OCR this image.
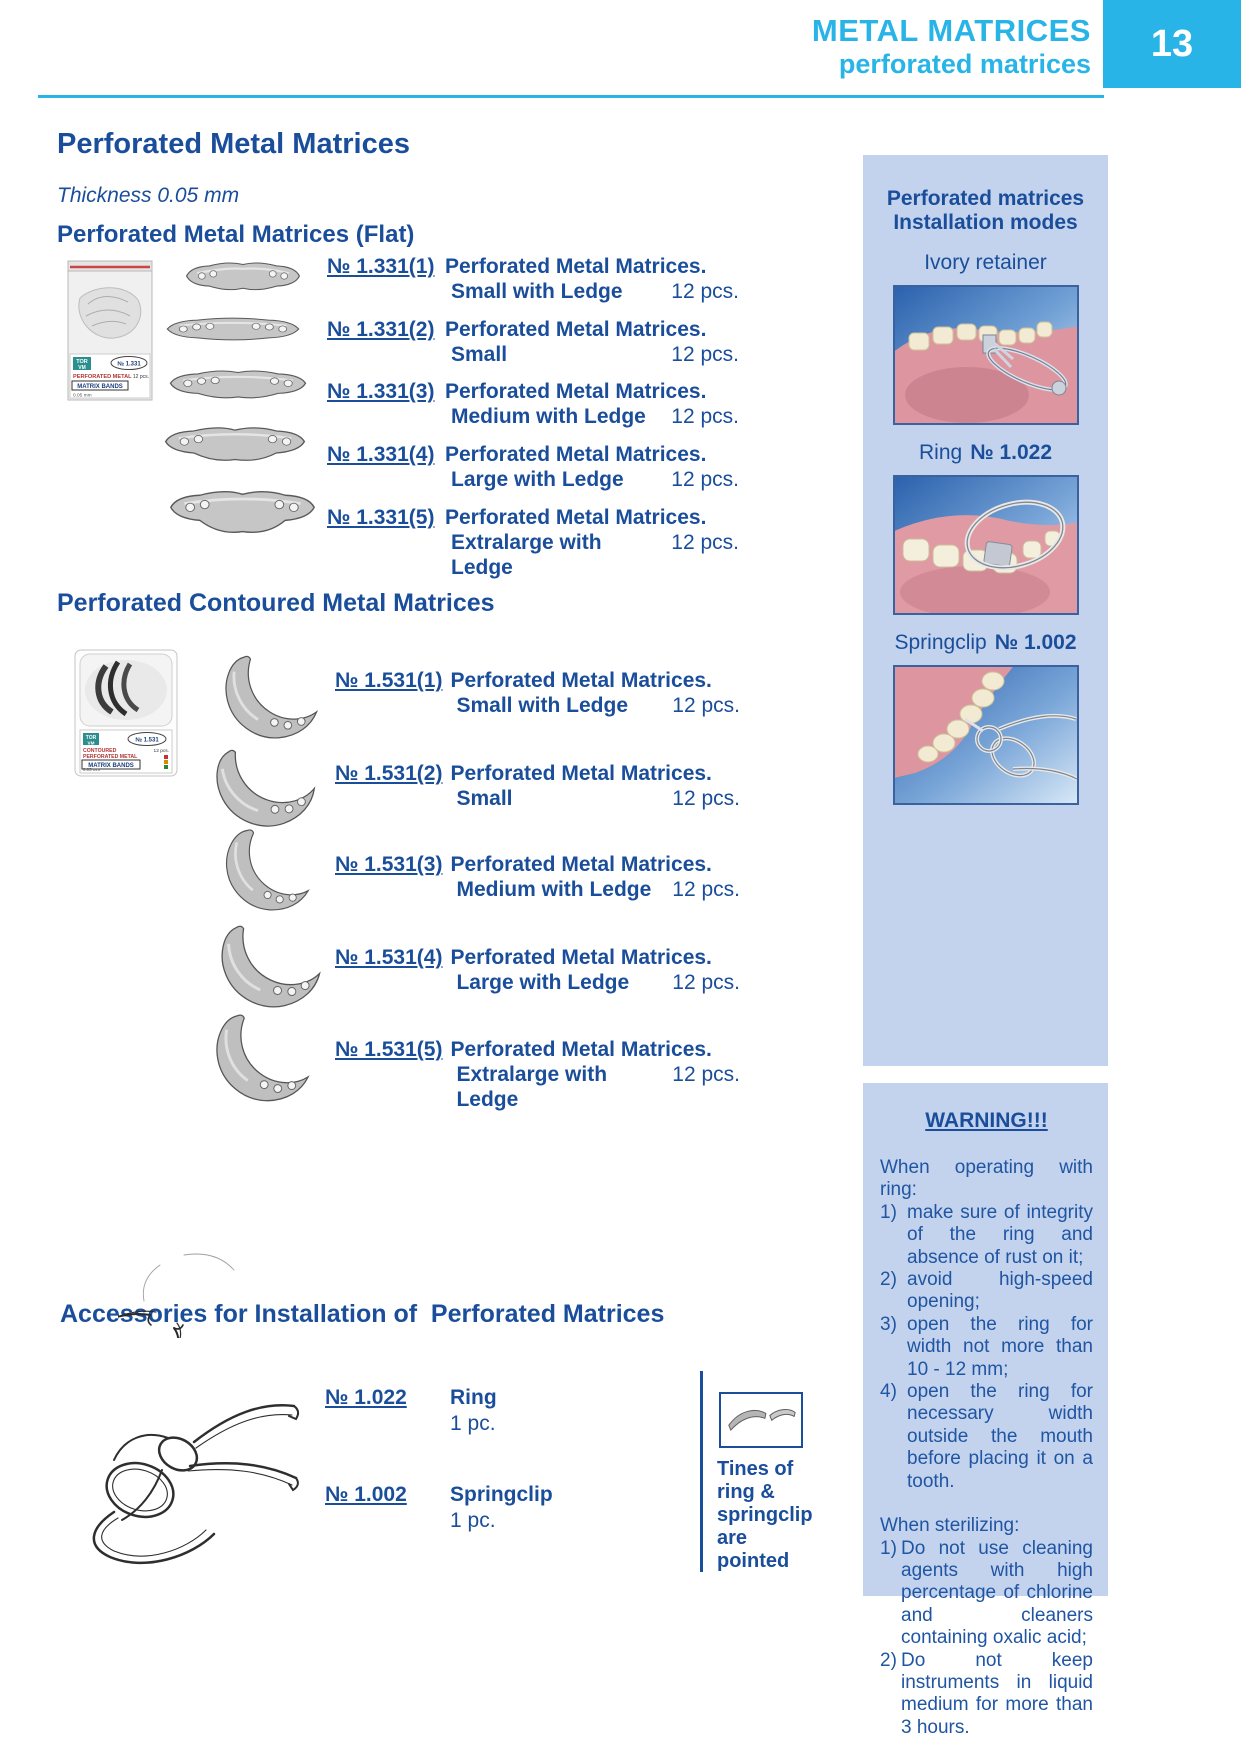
METAL MATRICES
perforated matrices 13
Perforated Metal Matrices
Thickness 0.05 mm
Perforated Metal Matrices (Flat)
TOR
VM
№ 1.331
PERFORATED METAL 12 pcs.
MATRIX BANDS
0.05 mm
№ 1.331(1) Perforated Metal Matrices.
Small with Ledge	12 pcs.
№ 1.331(2) Perforated Metal Matrices.
Small	12 pcs.
№ 1.331(3) Perforated Metal Matrices.
Medium with Ledge	12 pcs.
№ 1.331(4) Perforated Metal Matrices.
Large with Ledge	12 pcs.
№ 1.331(5) Perforated Metal Matrices.
Extralarge with Ledge
12 pcs.
Perforated Contoured Metal Matrices
TOR
VM	№ 1.531
CONTOURED
PERFORATED METAL
12 pcs.
MATRIX BANDS
0.05 mm
№ 1.531(1) Perforated Metal Matrices.
Small with Ledge	12 pcs.
№ 1.531(2) Perforated Metal Matrices.
Small	12 pcs.
№ 1.531(3) Perforated Metal Matrices.
Medium with Ledge 12 pcs.
№ 1.531(4) Perforated Metal Matrices.
Large with Ledge	12 pcs.
№ 1.531(5) Perforated Metal Matrices.
Extralarge with Ledge
12 pcs.
Accessories for Installation of  Perforated Matrices
№ 1.022	Ring
1 pc.
№ 1.002	Springclip
1 pc.
Tines of ring & springclip are pointed
Perforated matrices
Installation modes
Ivory retainer
Ring № 1.022
Springclip № 1.002
WARNING!!!
When operating with ring:
1) make sure of integrity of the ring and absence of rust on it;
2) avoid high-speed opening;
3) open the ring for width not more than 10 - 12 mm;
4) open the ring for necessary width outside the mouth before placing it on a tooth.
When sterilizing:
1) Do not use cleaning agents with high percentage of chlorine and cleaners containing oxalic acid;
2) Do not keep instruments in liquid medium for more than 3 hours.
